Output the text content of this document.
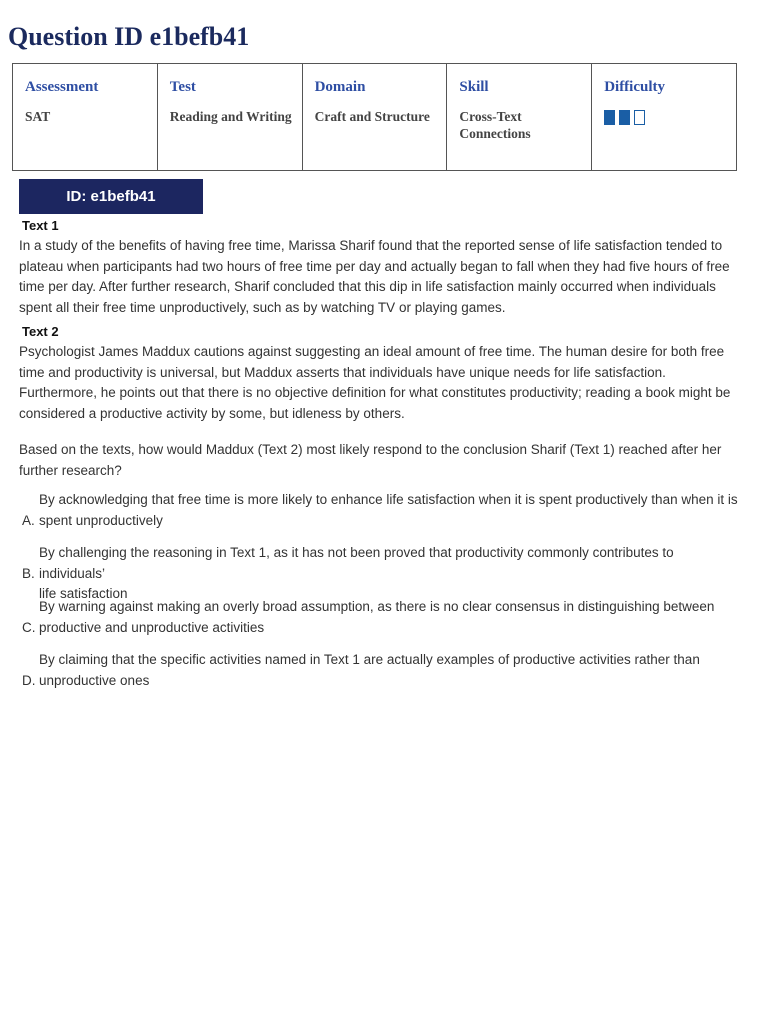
Question ID e1befb41
Assessment
SAT

Test
Reading and Writing

Domain
Craft and Structure

Skill
Cross-Text Connections

Difficulty
ID: e1befb41
Text 1

In a study of the benefits of having free time, Marissa Sharif found that the reported sense of life satisfaction tended to plateau when participants had two hours of free time per day and actually began to fall when they had five hours of free time per day. After further research, Sharif concluded that this dip in life satisfaction mainly occurred when individuals spent all their free time unproductively, such as by watching TV or playing games.

Text 2

Psychologist James Maddux cautions against suggesting an ideal amount of free time. The human desire for both free time and productivity is universal, but Maddux asserts that individuals have unique needs for life satisfaction. Furthermore, he points out that there is no objective definition for what constitutes productivity; reading a book might be considered a productive activity by some, but idleness by others.

Based on the texts, how would Maddux (Text 2) most likely respond to the conclusion Sharif (Text 1) reached after her further research?

A.
By acknowledging that free time is more likely to enhance life satisfaction when it is spent productively than when it is
spent unproductively
B.
By challenging the reasoning in Text 1, as it has not been proved that productivity commonly contributes to individuals’
life satisfaction
C.
By warning against making an overly broad assumption, as there is no clear consensus in distinguishing between
productive and unproductive activities
D.
By claiming that the specific activities named in Text 1 are actually examples of productive activities rather than
unproductive ones
